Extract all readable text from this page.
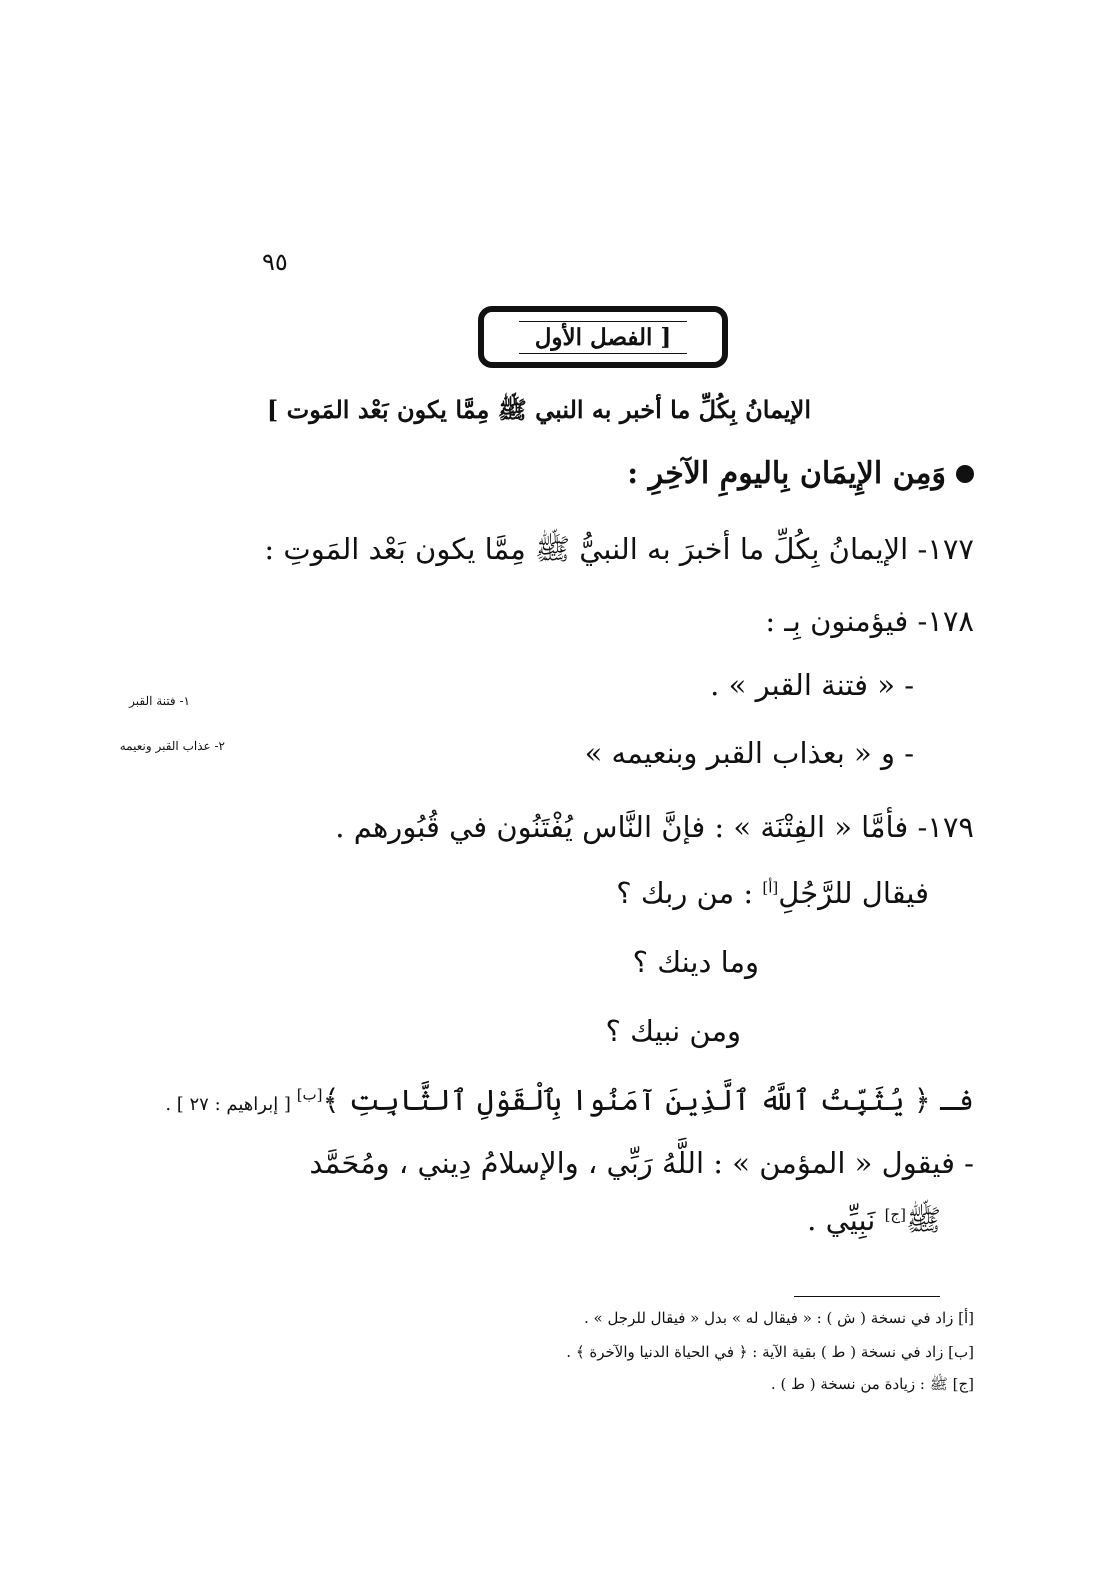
٩٥
[ الفصل الأول
الإيمانُ بِكُلِّ ما أخبر به النبي ﷺ مِمَّا يكون بَعْد المَوت ]
وَمِن الإِيمَان بِاليومِ الآخِرِ :
١٧٧- الإيمانُ بِكُلِّ ما أخبرَ به النبيُّ ﷺ مِمَّا يكون بَعْد المَوتِ :
١٧٨- فيؤمنون بِـ :
- « فتنة القبر » .
- و « بعذاب القبر وبنعيمه »
١٧٩- فأمَّا « الفِتْنَة » : فإنَّ النَّاس يُفْتَنُون في قُبُورهم .
فيقال للرَّجُلِ[أ] : من ربك ؟
وما دينك ؟
ومن نبيك ؟
فـ ﴿ يُثَبِّتُ ٱللَّهُ ٱلَّذِينَ آمَنُوا بِٱلْقَوْلِ ٱلثَّابِتِ ﴾[ب] [ إبراهيم : ٢٧ ] .
- فيقول « المؤمن » : اللَّهُ رَبِّي ، والإسلامُ دِيني ، ومُحَمَّد
ﷺ[ج] نَبِيِّي .
١- فتنة القبر
٢- عذاب القبر ونعيمه
[أ] زاد في نسخة ( ش ) : « فيقال له » بدل « فيقال للرجل » .
[ب] زاد في نسخة ( ط ) بقية الآية : ﴿ في الحياة الدنيا والآخرة ﴾ .
[ج] ﷺ : زيادة من نسخة ( ط ) .
